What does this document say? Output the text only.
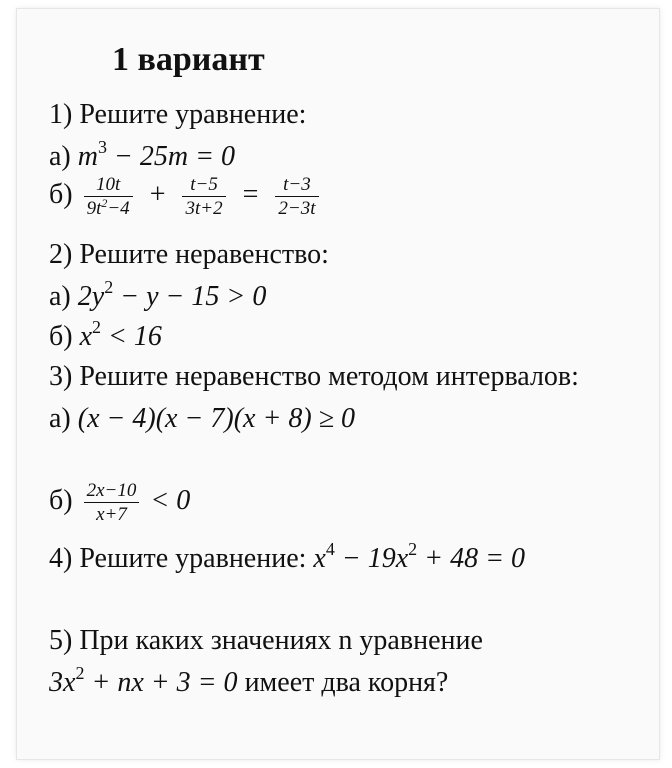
1 вариант
1) Решите уравнение:
а) $m^3 - 25m = 0$
$б) \frac{10t}{9t^2-4} + \frac{t-5}{3t+2} = \frac{t-3}{2-3t}$
2) Решите неравенство:
а) $2y^2 - y - 15 > 0$
б) $x^2 < 16$
3) Решите неравенство методом интервалов:
а) (x − 4)(x − 7)(x + 8) ≥ 0
$б) \frac{2x-10}{x+7} < 0$
4) Решите уравнение: $x^4 - 19x^2 + 48 = 0$
5) При каких значениях n уравнение
$3x^2$ + nx + 3 = 0 имеет два корня?
